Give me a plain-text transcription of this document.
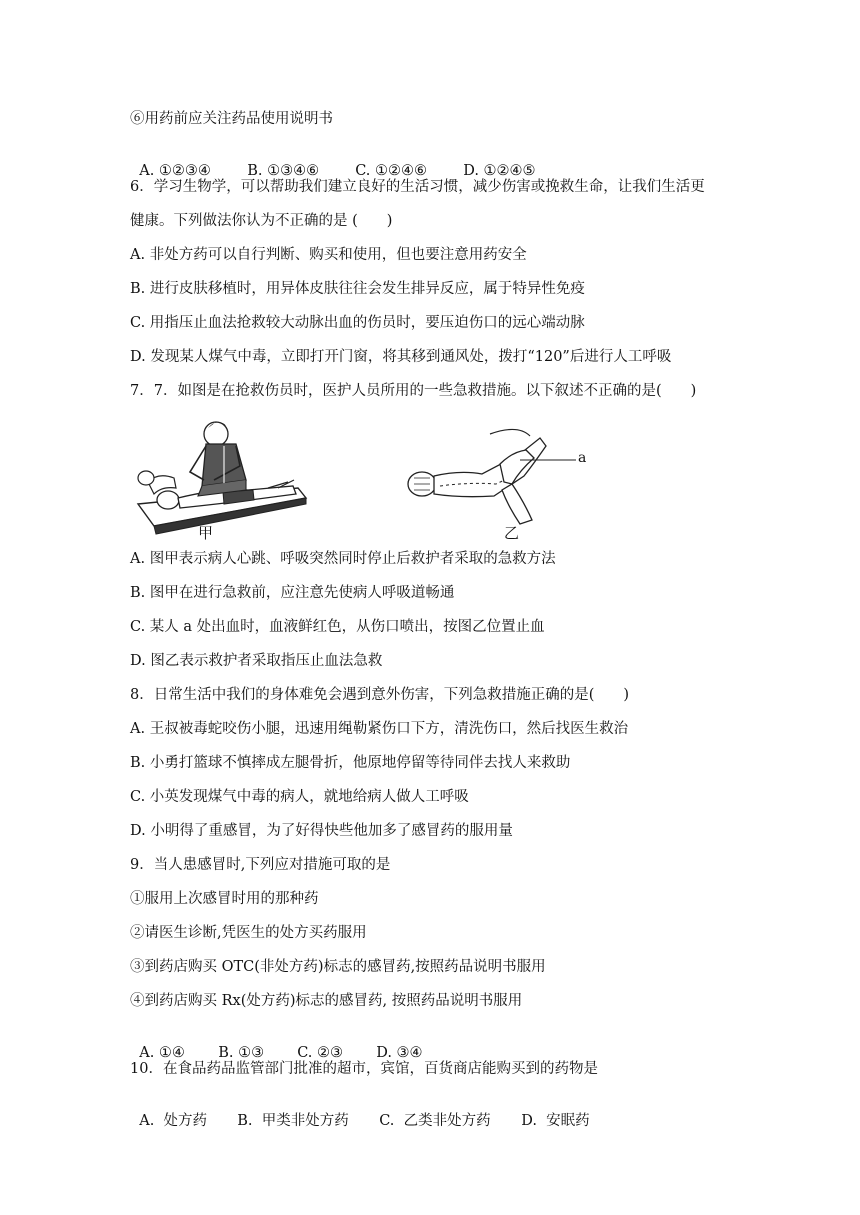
⑥用药前应关注药品使用说明书

A. ①②③④	B. ①③④⑥ C. ①②④⑥ D. ①②④⑤

6．学习生物学，可以帮助我们建立良好的生活习惯，减少伤害或挽救生命，让我们生活更
健康。下列做法你认为不正确的是 (　　)
A. 非处方药可以自行判断、购买和使用，但也要注意用药安全
B. 进行皮肤移植时，用异体皮肤往往会发生排异反应，属于特异性免疫
C. 用指压止血法抢救较大动脉出血的伤员时，要压迫伤口的远心端动脉
D. 发现某人煤气中毒，立即打开门窗，将其移到通风处，拨打“120”后进行人工呼吸
7．7．如图是在抢救伤员时，医护人员所用的一些急救措施。以下叙述不正确的是(　　)
甲
a
乙
A. 图甲表示病人心跳、呼吸突然同时停止后救护者采取的急救方法
B. 图甲在进行急救前，应注意先使病人呼吸道畅通
C. 某人 a 处出血时，血液鲜红色，从伤口喷出，按图乙位置止血
D. 图乙表示救护者采取指压止血法急救
8．日常生活中我们的身体难免会遇到意外伤害，下列急救措施正确的是(　　)
A. 王叔被毒蛇咬伤小腿，迅速用绳勒紧伤口下方，清洗伤口，然后找医生救治
B. 小勇打篮球不慎摔成左腿骨折，他原地停留等待同伴去找人来救助
C. 小英发现煤气中毒的病人，就地给病人做人工呼吸
D. 小明得了重感冒，为了好得快些他加多了感冒药的服用量
9．当人患感冒时,下列应对措施可取的是
①服用上次感冒时用的那种药
②请医生诊断,凭医生的处方买药服用
③到药店购买 OTC(非处方药)标志的感冒药,按照药品说明书服用
④到药店购买 Rx(处方药)标志的感冒药, 按照药品说明书服用

A. ①④ B. ①③ C. ②③ D. ③④

10．在食品药品监管部门批准的超市，宾馆，百货商店能购买到的药物是

A.  处方药 B.  甲类非处方药 C.  乙类非处方药 D.  安眠药
